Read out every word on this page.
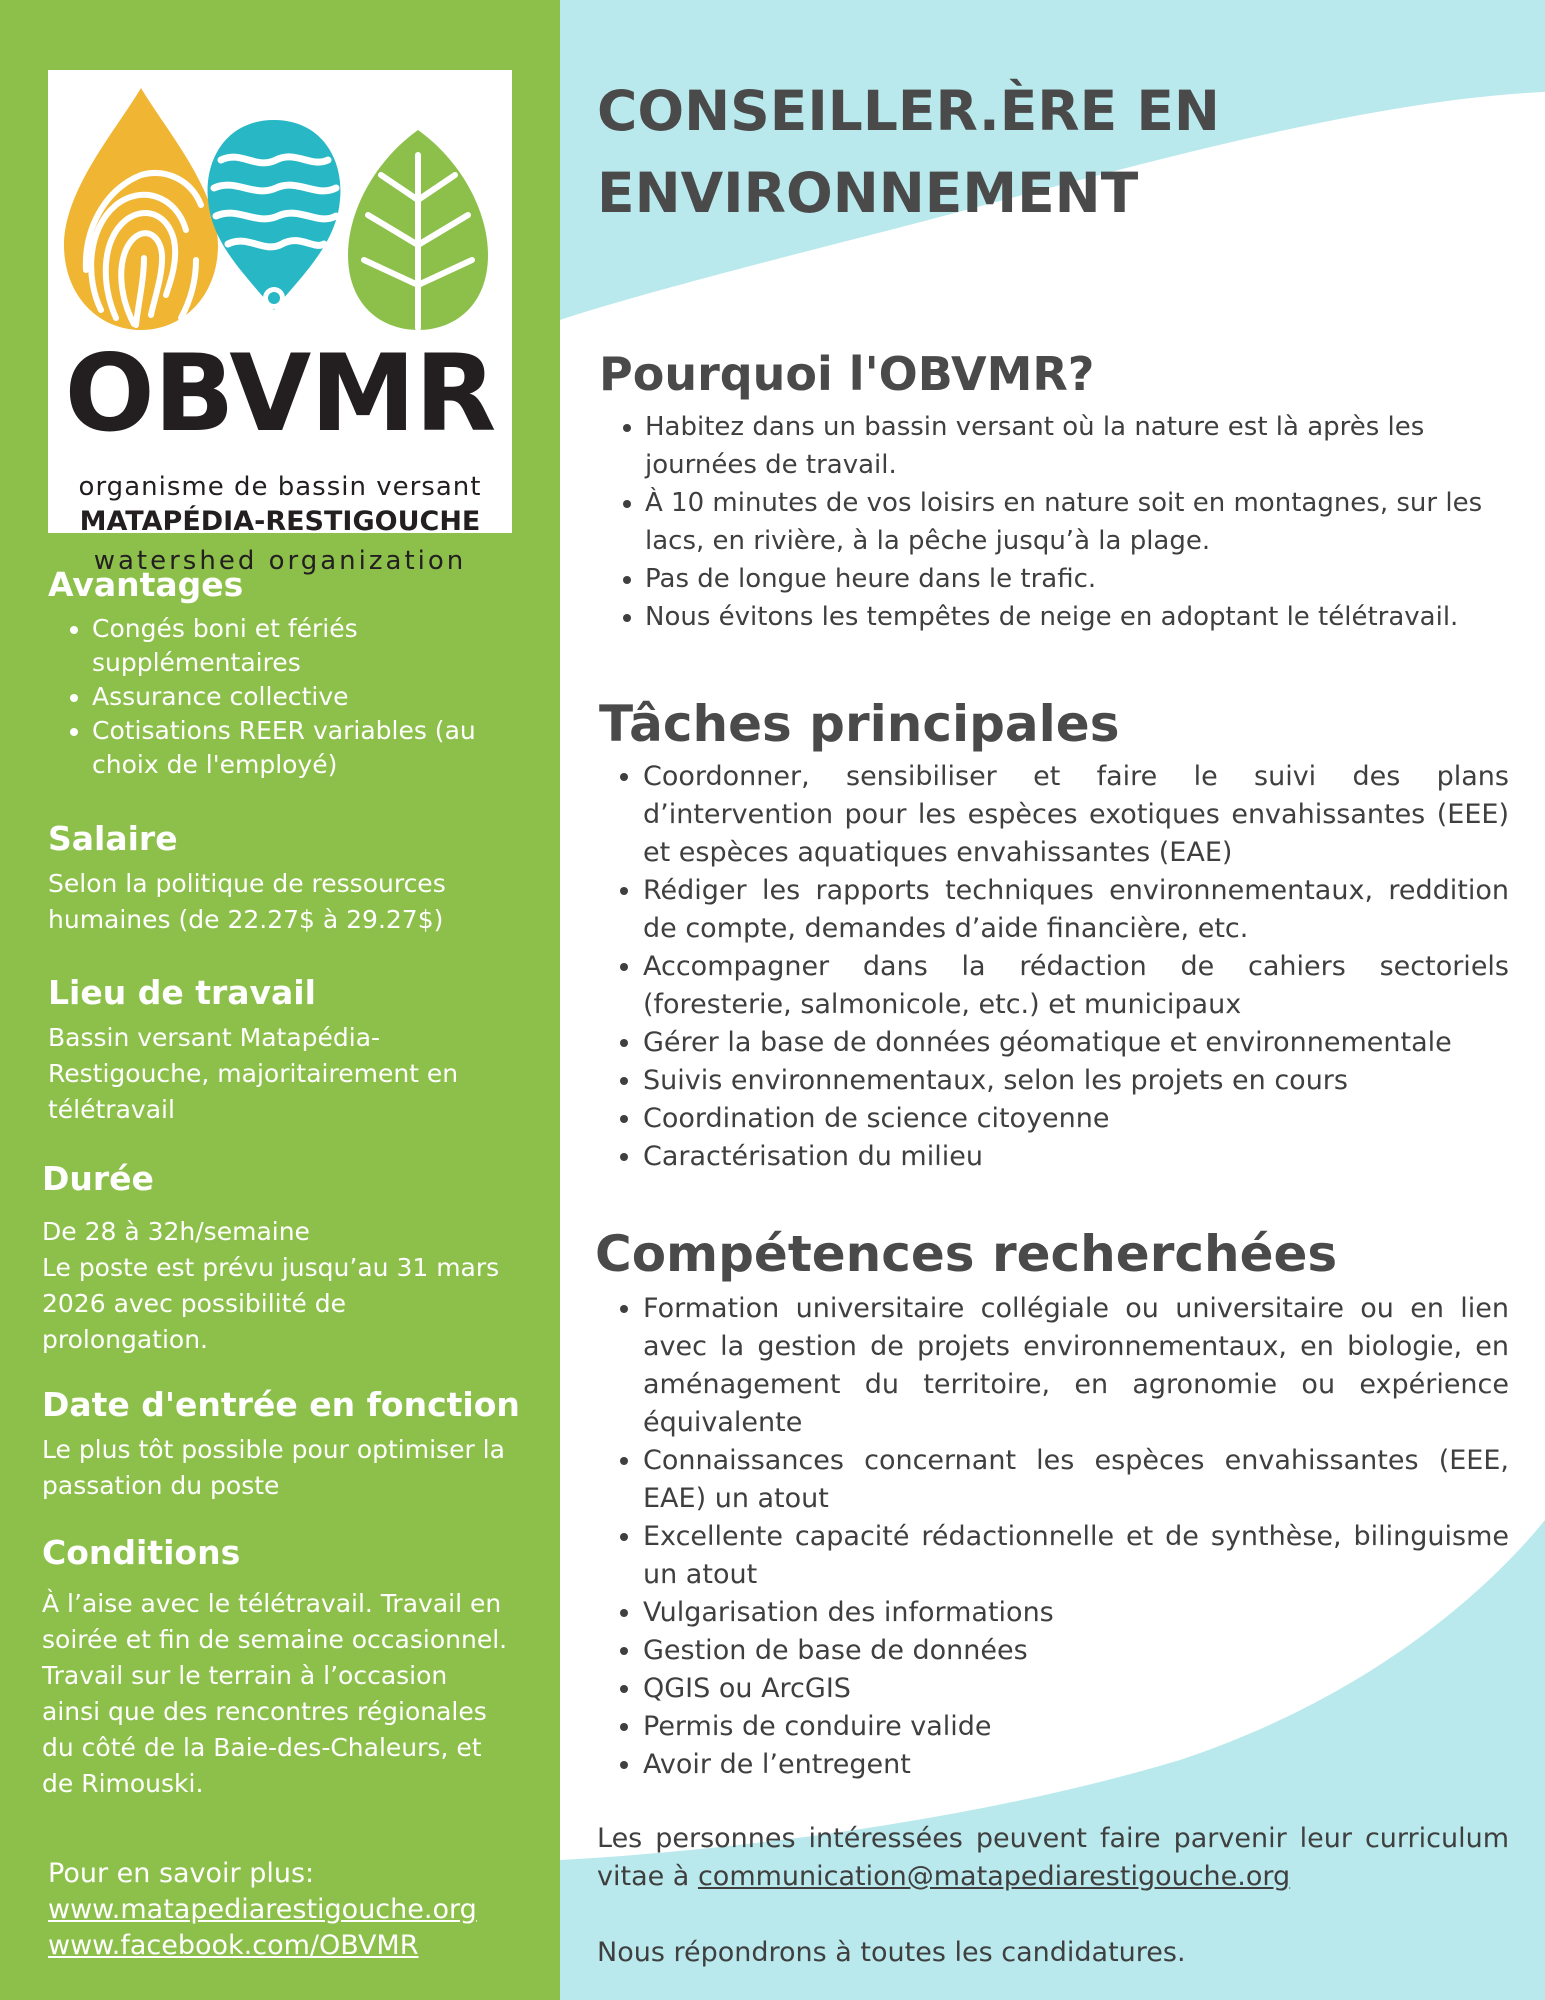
OBVMR
organisme de bassin versant
MATAPÉDIA-RESTIGOUCHE
watershed organization
Avantages
• Congés boni et fériés supplémentaires
• Assurance collective
• Cotisations REER variables (au choix de l'employé)
Salaire

Selon la politique de ressources humaines (de 22.27$ à 29.27$)

Lieu de travail

Bassin versant Matapédia-Restigouche, majoritairement en télétravail

Durée

De 28 à 32h/semaine

Le poste est prévu jusqu’au 31 mars 2026 avec possibilité de prolongation.

Date d'entrée en fonction

Le plus tôt possible pour optimiser la passation du poste

Conditions

À l’aise avec le télétravail. Travail en soirée et fin de semaine occasionnel. Travail sur le terrain à l’occasion ainsi que des rencontres régionales du côté de la Baie-des-Chaleurs, et de Rimouski.

Pour en savoir plus:
www.matapediarestigouche.org
www.facebook.com/OBVMR
CONSEILLER.ÈRE EN
ENVIRONNEMENT
Pourquoi l'OBVMR?
• Habitez dans un bassin versant où la nature est là après les journées de travail.
• À 10 minutes de vos loisirs en nature soit en montagnes, sur les lacs, en rivière, à la pêche jusqu’à la plage.
• Pas de longue heure dans le trafic.
• Nous évitons les tempêtes de neige en adoptant le télétravail.
Tâches principales
• Coordonner, sensibiliser et faire le suivi des plans d’intervention pour les espèces exotiques envahissantes (EEE) et espèces aquatiques envahissantes (EAE)
• Rédiger les rapports techniques environnementaux, reddition de compte, demandes d’aide financière, etc.
• Accompagner dans la rédaction de cahiers sectoriels (foresterie, salmonicole, etc.) et municipaux
• Gérer la base de données géomatique et environnementale
• Suivis environnementaux, selon les projets en cours
• Coordination de science citoyenne
• Caractérisation du milieu
Compétences recherchées
• Formation universitaire collégiale ou universitaire ou en lien avec la gestion de projets environnementaux, en biologie, en aménagement du territoire, en agronomie ou expérience équivalente
• Connaissances concernant les espèces envahissantes (EEE, EAE) un atout
• Excellente capacité rédactionnelle et de synthèse, bilinguisme un atout
• Vulgarisation des informations
• Gestion de base de données
• QGIS ou ArcGIS
• Permis de conduire valide
• Avoir de l’entregent

Les personnes intéressées peuvent faire parvenir leur curriculum vitae à communication@matapediarestigouche.org

Nous répondrons à toutes les candidatures.
